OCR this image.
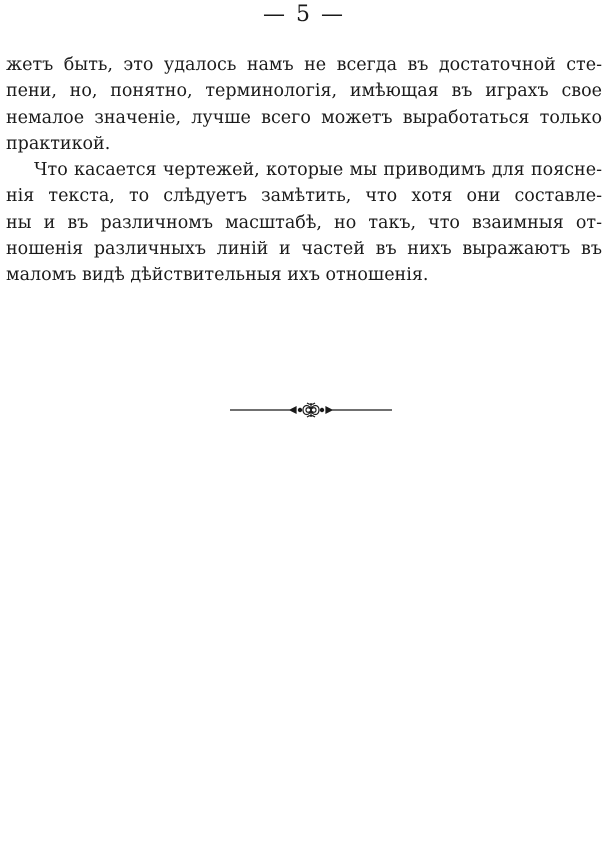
— 5 —
жетъ быть, это удалось намъ не всегда въ достаточной сте-
пени, но, понятно, терминологія, имѣющая въ играхъ свое
немалое значеніе, лучше всего можетъ выработаться только
практикой.
Что касается чертежей, которые мы приводимъ для поясне-
нія текста, то слѣдуетъ замѣтить, что хотя они составле-
ны и въ различномъ масштабѣ, но такъ, что взаимныя от-
ношенія различныхъ линій и частей въ нихъ выражаютъ въ
маломъ видѣ дѣйствительныя ихъ отношенія.
